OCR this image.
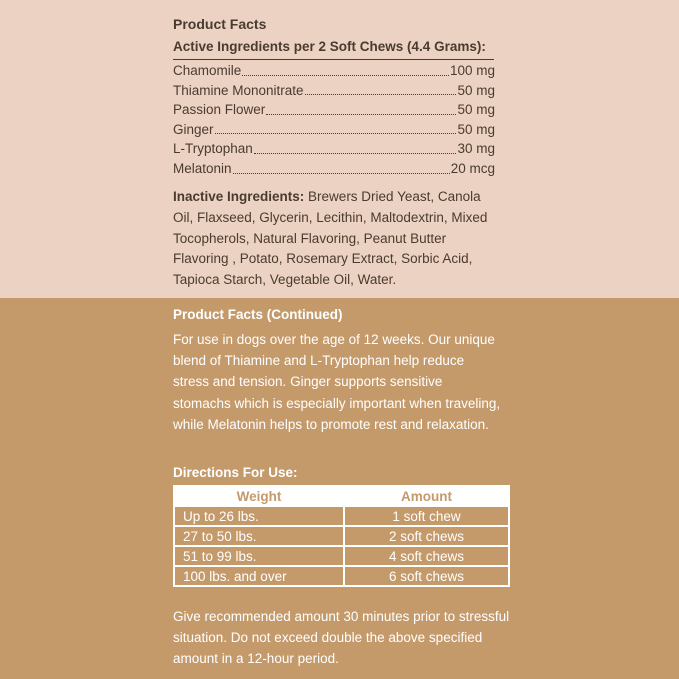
Product Facts
Active Ingredients per 2 Soft Chews (4.4 Grams):
Chamomile	100 mg
Thiamine Mononitrate	50 mg
Passion Flower	50 mg
Ginger	50 mg
L-Tryptophan	30 mg
Melatonin	20 mcg
Inactive Ingredients: Brewers Dried Yeast, Canola Oil, Flaxseed, Glycerin, Lecithin, Maltodextrin, Mixed Tocopherols, Natural Flavoring, Peanut Butter Flavoring , Potato, Rosemary Extract, Sorbic Acid, Tapioca Starch, Vegetable Oil, Water.
Product Facts (Continued)
For use in dogs over the age of 12 weeks. Our unique blend of Thiamine and L-Tryptophan help reduce stress and tension. Ginger supports sensitive stomachs which is especially important when traveling, while Melatonin helps to promote rest and relaxation.
Directions For Use:
Weight	Amount
Up to 26 lbs.	1 soft chew
27 to 50 lbs.	2 soft chews
51 to 99 lbs.	4 soft chews
100 lbs. and over	6 soft chews
Give recommended amount 30 minutes prior to stressful situation. Do not exceed double the above specified amount in a 12-hour period.
